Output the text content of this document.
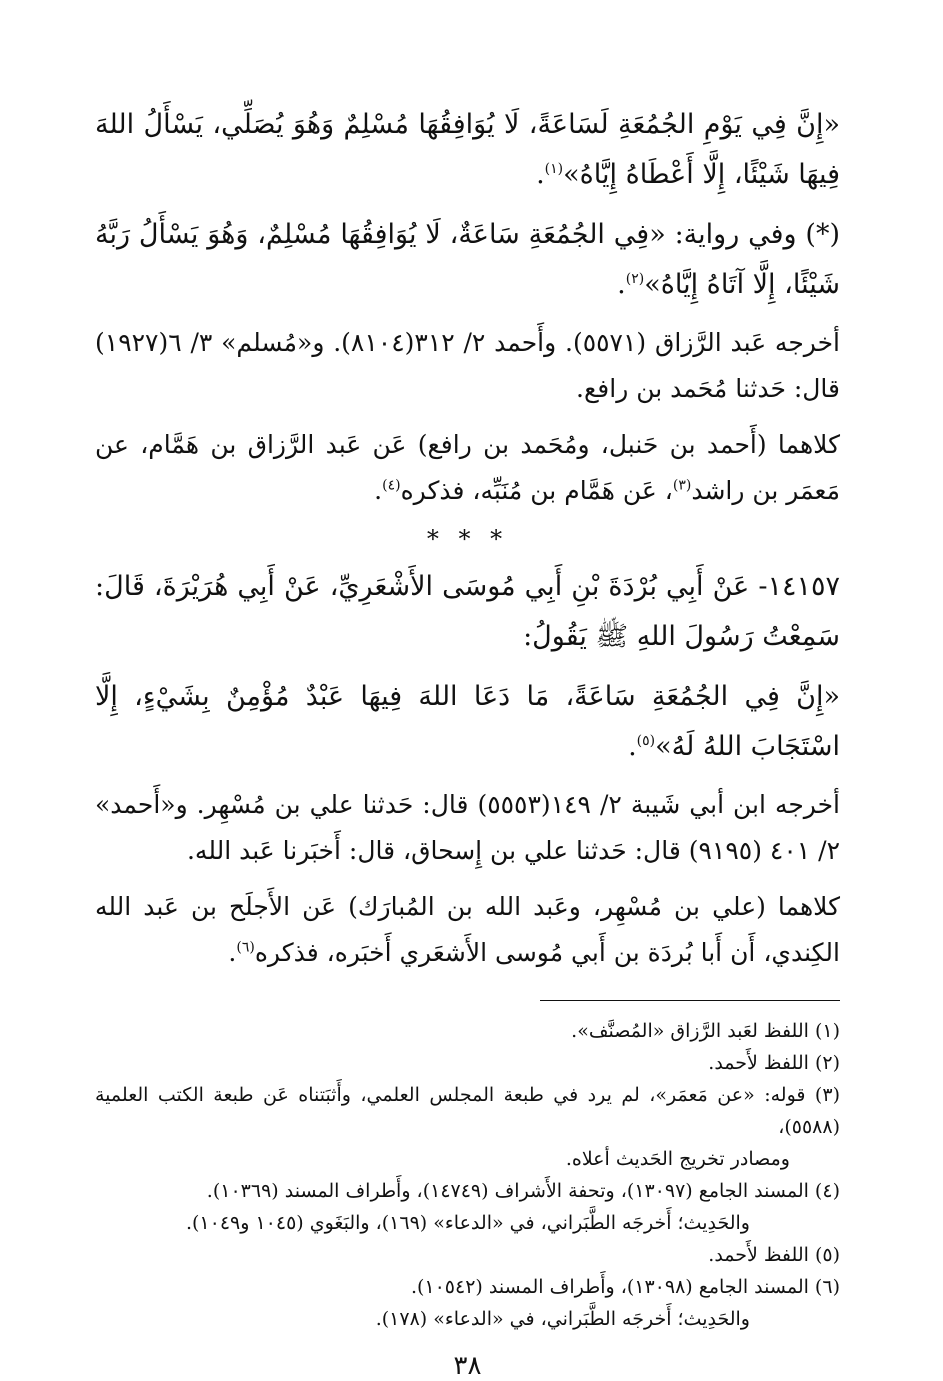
«إِنَّ فِي يَوْمِ الجُمُعَةِ لَسَاعَةً، لَا يُوَافِقُهَا مُسْلِمٌ وَهُوَ يُصَلِّي، يَسْأَلُ اللهَ فِيهَا شَيْئًا، إِلَّا أَعْطَاهُ إِيَّاهُ»$^{(١)}$.

(*) وفي رواية: «فِي الجُمُعَةِ سَاعَةٌ، لَا يُوَافِقُهَا مُسْلِمٌ، وَهُوَ يَسْأَلُ رَبَّهُ شَيْئًا، إِلَّا آتَاهُ إِيَّاهُ»$^{(٢)}$.

أخرجه عَبد الرَّزاق (٥٥٧١). وأَحمد ٢/ ٣١٢(٨١٠٤). و«مُسلم» ٣/ ٦(١٩٢٧) قال: حَدثنا مُحَمد بن رافع.

كلاهما (أَحمد بن حَنبل، ومُحَمد بن رافع) عَن عَبد الرَّزاق بن هَمَّام، عن مَعمَر بن راشد$^{(٣)}$، عَن هَمَّام بن مُنَبِّه، فذكره$^{(٤)}$.

* * *

١٤١٥٧- عَنْ أَبِي بُرْدَةَ بْنِ أَبِي مُوسَى الأَشْعَرِيِّ، عَنْ أَبِي هُرَيْرَةَ، قَالَ: سَمِعْتُ رَسُولَ اللهِ ﷺ يَقُولُ:

«إِنَّ فِي الجُمُعَةِ سَاعَةً، مَا دَعَا اللهَ فِيهَا عَبْدٌ مُؤْمِنٌ بِشَيْءٍ، إِلَّا اسْتَجَابَ اللهُ لَهُ»$^{(٥)}$.

أخرجه ابن أبي شَيبة ٢/ ١٤٩(٥٥٥٣) قال: حَدثنا علي بن مُسْهِر. و«أَحمد» ٢/ ٤٠١ (٩١٩٥) قال: حَدثنا علي بن إِسحاق، قال: أَخبَرنا عَبد الله.

كلاهما (علي بن مُسْهِر، وعَبد الله بن المُبارَك) عَن الأَجلَح بن عَبد الله الكِندي، أَن أَبا بُردَة بن أَبي مُوسى الأَشعَري أَخبَره، فذكره$^{(٦)}$.

(١) اللفظ لعَبد الرَّزاق «المُصنَّف».

(٢) اللفظ لأَحمد.

(٣) قوله: «عن مَعمَر»، لم يرد في طبعة المجلس العلمي، وأَثبَتناه عَن طبعة الكتب العلمية (٥٥٨٨)،

ومصادر تخريج الحَديث أعلاه.

(٤) المسند الجامع (١٣٠٩٧)، وتحفة الأَشراف (١٤٧٤٩)، وأَطراف المسند (١٠٣٦٩).

والحَدِيث؛ أَخرجَه الطَّبَراني، في «الدعاء» (١٦٩)، والبَغَوي (١٠٤٥ و١٠٤٩).

(٥) اللفظ لأَحمد.

(٦) المسند الجامع (١٣٠٩٨)، وأَطراف المسند (١٠٥٤٢).

والحَدِيث؛ أَخرجَه الطَّبَراني، في «الدعاء» (١٧٨).

٣٨
